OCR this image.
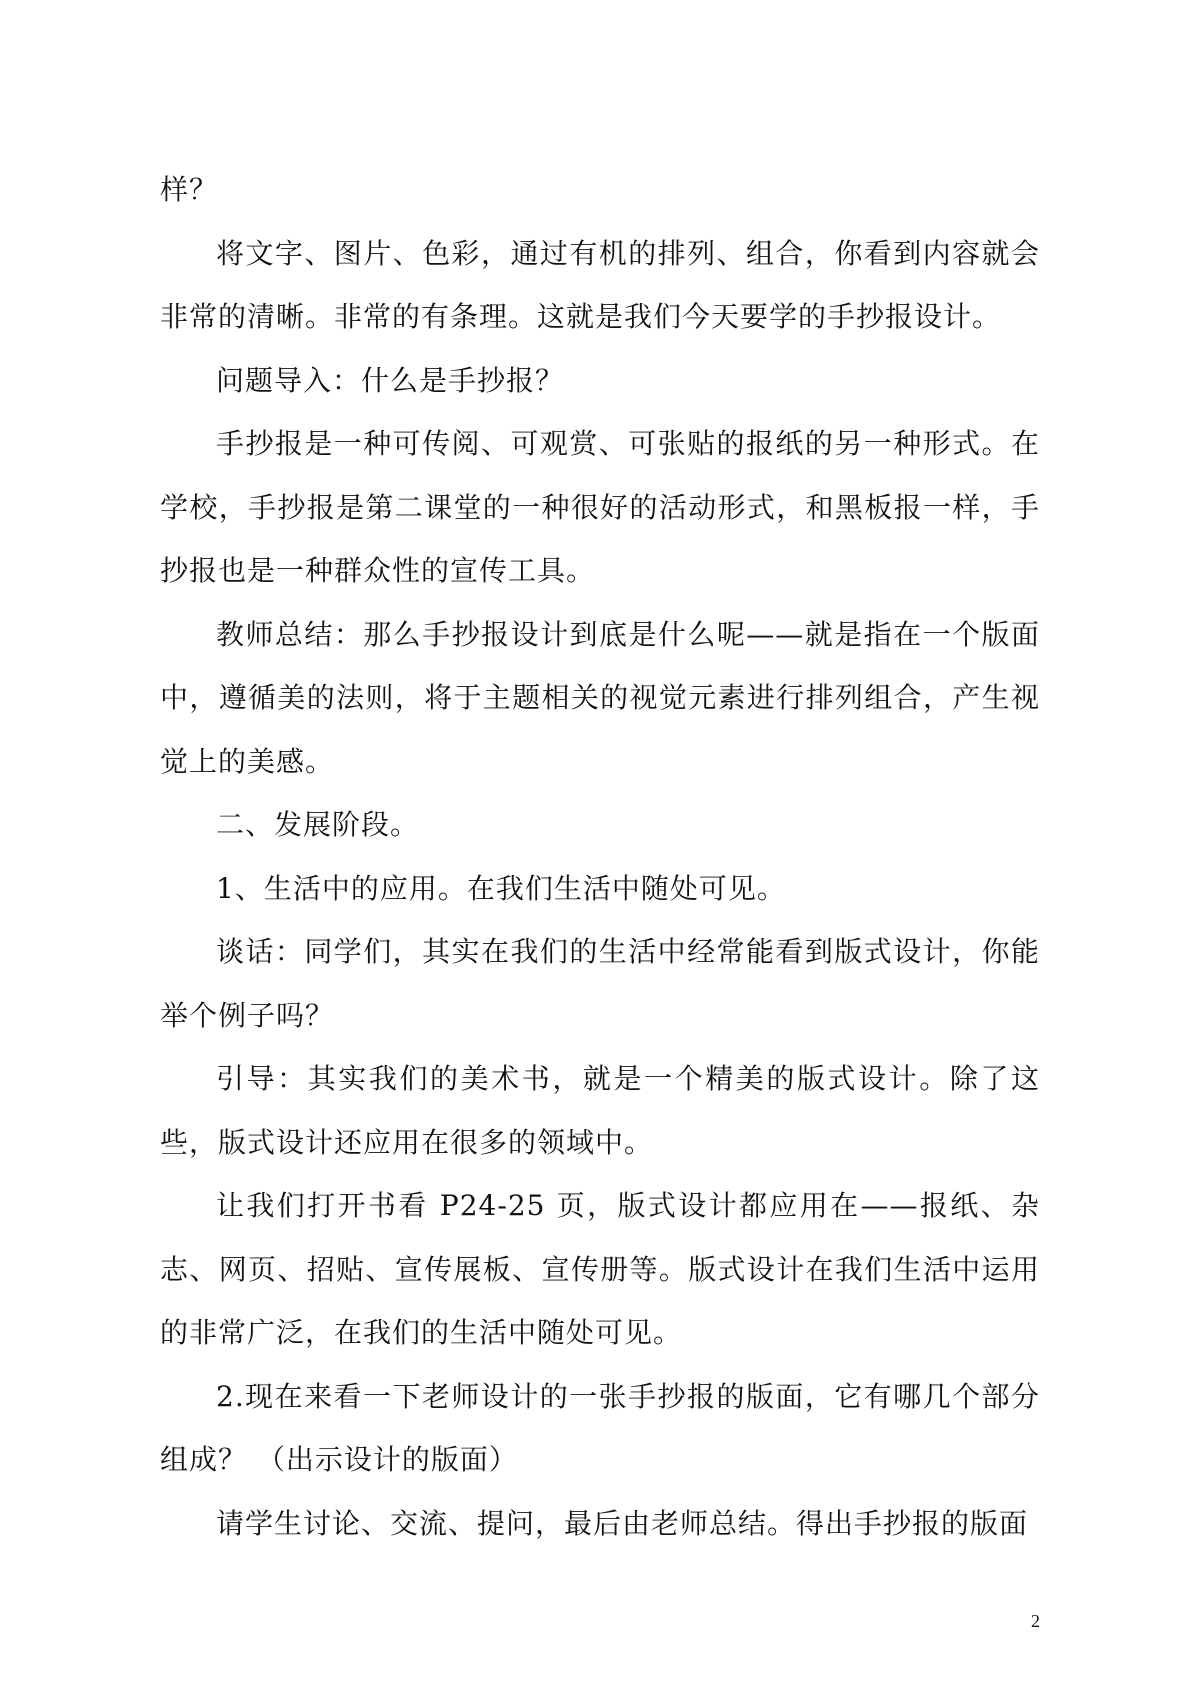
样？

将文字、图片、色彩，通过有机的排列、组合，你看到内容就会非常的清晰。非常的有条理。这就是我们今天要学的手抄报设计。

问题导入：什么是手抄报？

手抄报是一种可传阅、可观赏、可张贴的报纸的另一种形式。在学校，手抄报是第二课堂的一种很好的活动形式，和黑板报一样，手抄报也是一种群众性的宣传工具。

教师总结：那么手抄报设计到底是什么呢——就是指在一个版面中，遵循美的法则，将于主题相关的视觉元素进行排列组合，产生视觉上的美感。

二、发展阶段。

1、生活中的应用。在我们生活中随处可见。

谈话：同学们，其实在我们的生活中经常能看到版式设计，你能举个例子吗？

引导：其实我们的美术书，就是一个精美的版式设计。除了这些，版式设计还应用在很多的领域中。

让我们打开书看 P24-25 页，版式设计都应用在——报纸、杂志、网页、招贴、宣传展板、宣传册等。版式设计在我们生活中运用的非常广泛，在我们的生活中随处可见。

2.现在来看一下老师设计的一张手抄报的版面，它有哪几个部分组成？ （出示设计的版面）

请学生讨论、交流、提问，最后由老师总结。得出手抄报的版面

2
